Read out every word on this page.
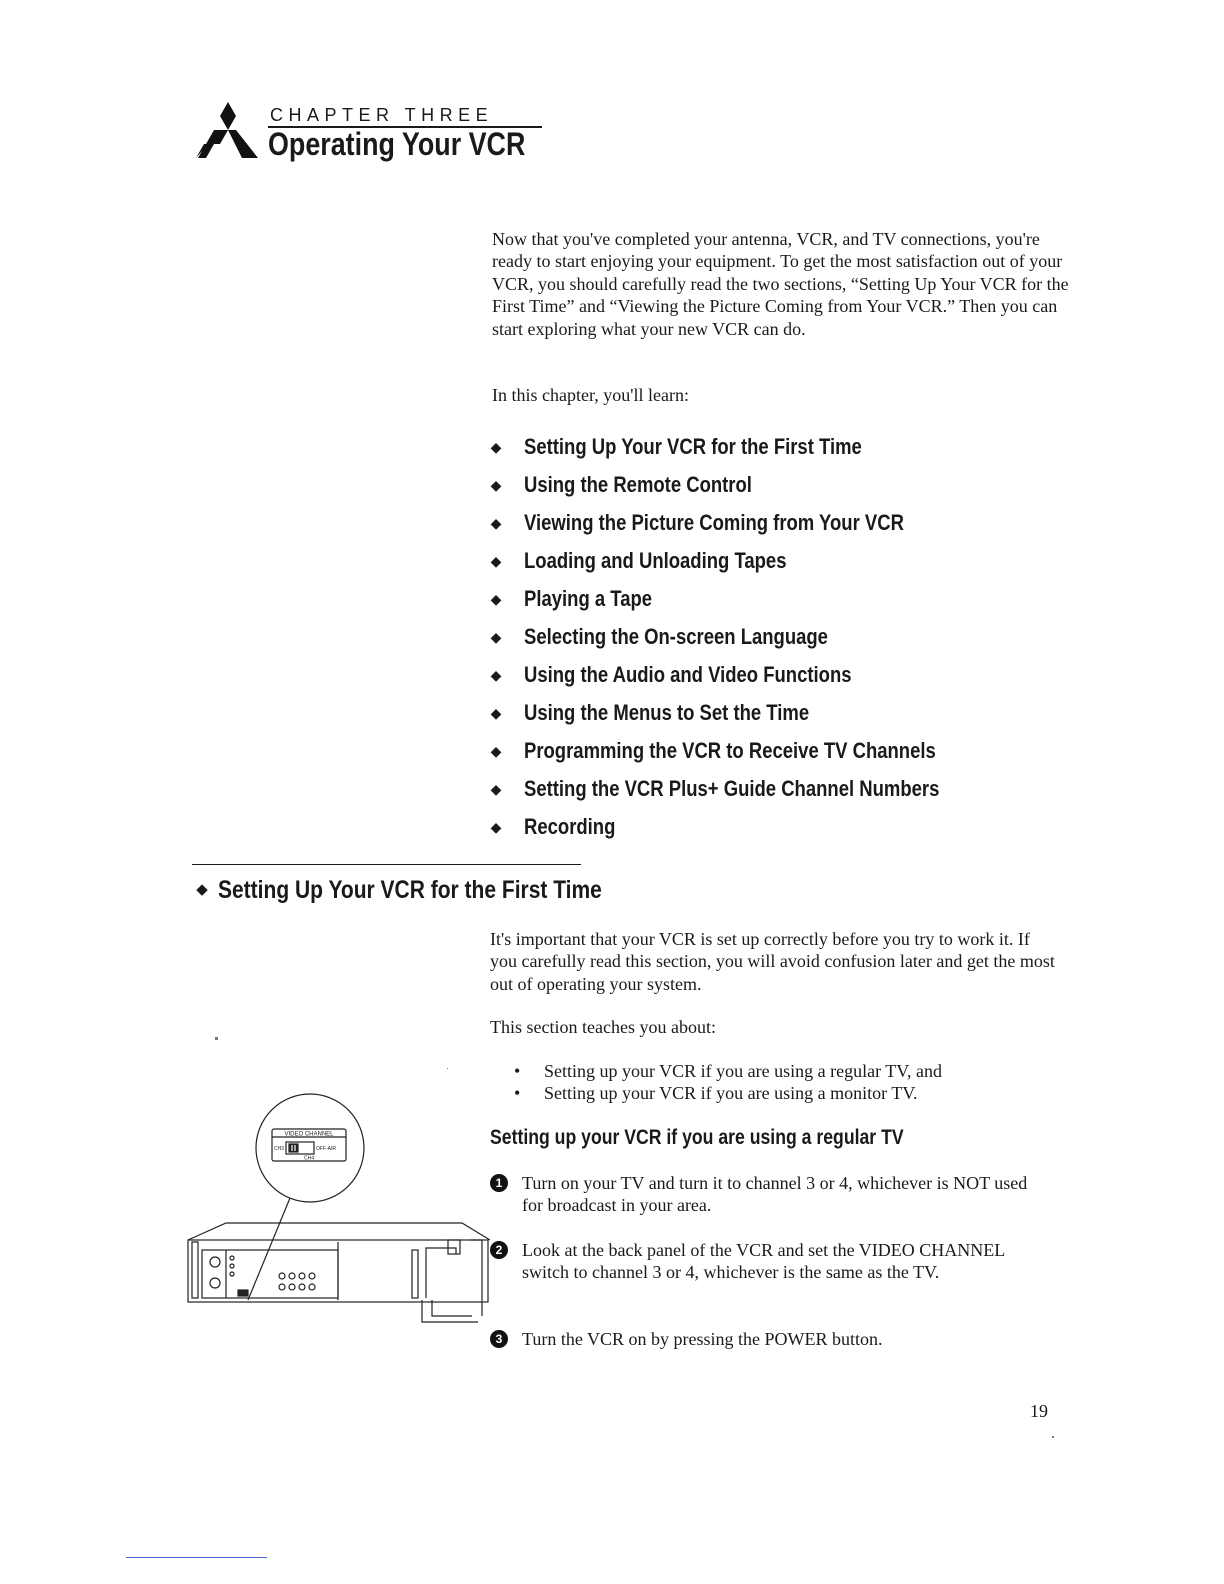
CHAPTER THREE
Operating Your VCR
Now that you've completed your antenna, VCR, and TV connections, you're ready to start enjoying your equipment. To get the most satisfaction out of your VCR, you should carefully read the two sections, “Setting Up Your VCR for the First Time” and “Viewing the Picture Coming from Your VCR.” Then you can start exploring what your new VCR can do.
In this chapter, you'll learn:
◆ Setting Up Your VCR for the First Time
◆ Using the Remote Control
◆ Viewing the Picture Coming from Your VCR
◆ Loading and Unloading Tapes
◆ Playing a Tape
◆ Selecting the On-screen Language
◆ Using the Audio and Video Functions
◆ Using the Menus to Set the Time
◆ Programming the VCR to Receive TV Channels
◆ Setting the VCR Plus+ Guide Channel Numbers
◆ Recording
◆ Setting Up Your VCR for the First Time
It's important that your VCR is set up correctly before you try to work it. If you carefully read this section, you will avoid confusion later and get the most out of operating your system.
This section teaches you about:
•	Setting up your VCR if you are using a regular TV, and
•	Setting up your VCR if you are using a monitor TV.
Setting up your VCR if you are using a regular TV
1	Turn on your TV and turn it to channel 3 or 4, whichever is NOT used for broadcast in your area.
2	Look at the back panel of the VCR and set the VIDEO CHANNEL switch to channel 3 or 4, whichever is the same as the TV.
3	Turn the VCR on by pressing the POWER button.
VIDEO CHANNEL
CH3	OFF-AIR
CH4
19
